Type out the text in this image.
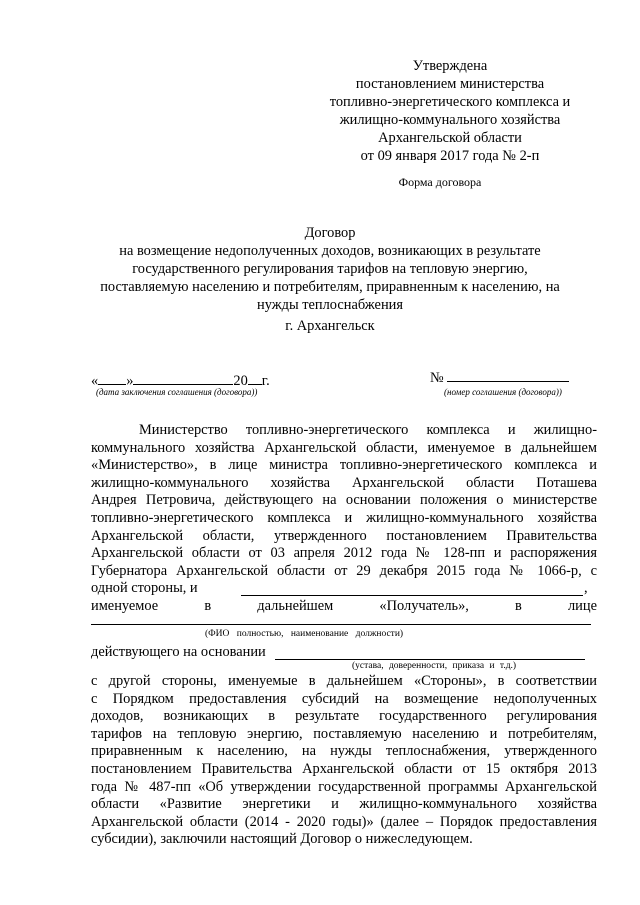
Утверждена
постановлением министерства
топливно-энергетического комплекса и
жилищно-коммунального хозяйства
Архангельской области
от 09 января 2017 года № 2-п
Форма договора
Договор
на возмещение недополученных доходов, возникающих в результате
государственного регулирования тарифов на тепловую энергию,
поставляемую населению и потребителям, приравненным к населению, на
нужды теплоснабжения
г. Архангельск
« »	20 г.
(дата заключения соглашения (договора))
№
(номер соглашения (договора))
Министерство топливно-энергетического комплекса и жилищно-
коммунального хозяйства Архангельской области, именуемое в дальнейшем
«Министерство», в лице министра топливно-энергетического комплекса и
жилищно-коммунального хозяйства Архангельской области Поташева
Андрея Петровича, действующего на основании положения о министерстве
топливно-энергетического комплекса и жилищно-коммунального хозяйства
Архангельской области, утвержденного постановлением Правительства
Архангельской области от 03 апреля 2012 года № 128-пп и распоряжения
Губернатора Архангельской области от 29 декабря 2015 года № 1066-р, с
одной стороны, и	,
именуемое	в	дальнейшем	«Получатель»,	в	лице
(ФИО полностью, наименование должности)
действующего на основании
(устава, доверенности, приказа и т.д.)
с другой стороны, именуемые в дальнейшем «Стороны», в соответствии
с Порядком предоставления субсидий на возмещение недополученных
доходов, возникающих в результате государственного регулирования
тарифов на тепловую энергию, поставляемую населению и потребителям,
приравненным к населению, на нужды теплоснабжения, утвержденного
постановлением Правительства Архангельской области от 15 октября 2013
года № 487-пп «Об утверждении государственной программы Архангельской
области «Развитие энергетики и жилищно-коммунального хозяйства
Архангельской области (2014 - 2020 годы)» (далее – Порядок предоставления
субсидии), заключили настоящий Договор о нижеследующем.
